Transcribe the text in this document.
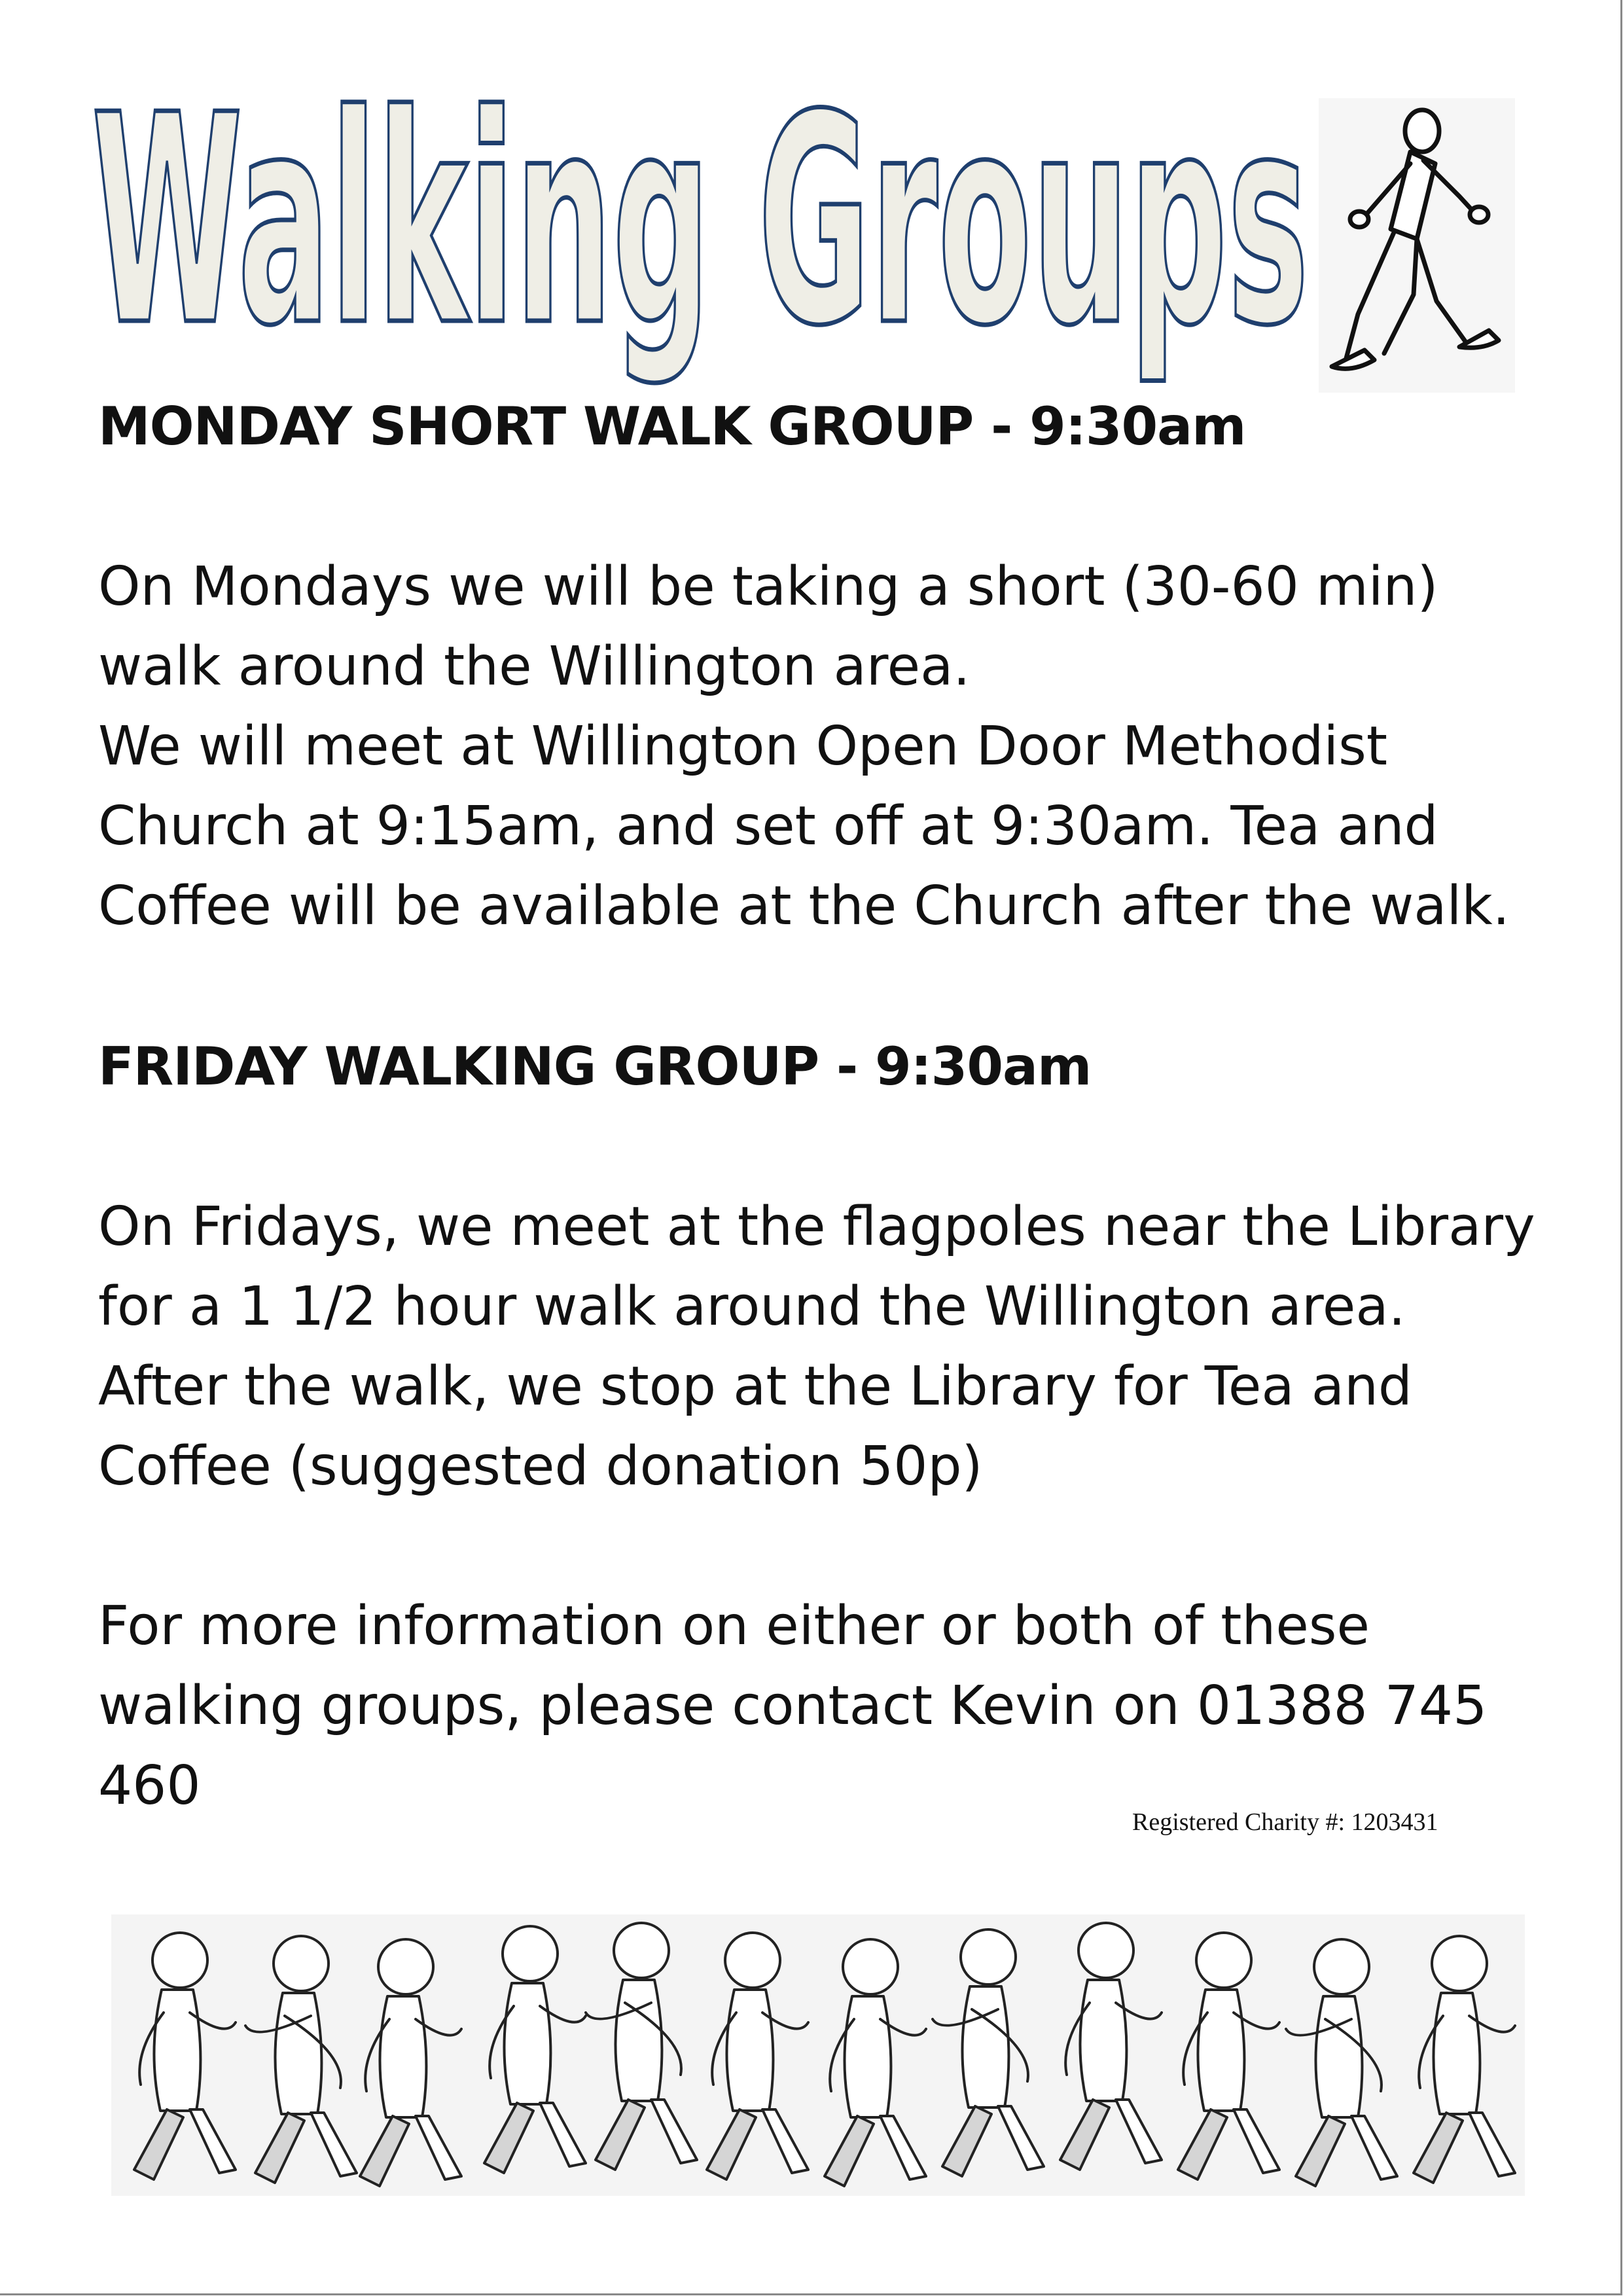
Walking Groups

MONDAY SHORT WALK GROUP - 9:30am

On Mondays we will be taking a short (30-60 min)

walk around the Willington area.

We will meet at Willington Open Door Methodist

Church at 9:15am, and set off at 9:30am. Tea and

Coffee will be available at the Church after the walk.

FRIDAY WALKING GROUP - 9:30am

On Fridays, we meet at the flagpoles near the Library

for a 1 1/2 hour walk around the Willington area.

After the walk, we stop at the Library for Tea and

Coffee (suggested donation 50p)

For more information on either or both of these

walking groups, please contact Kevin on 01388 745

460

Registered Charity #: 1203431
